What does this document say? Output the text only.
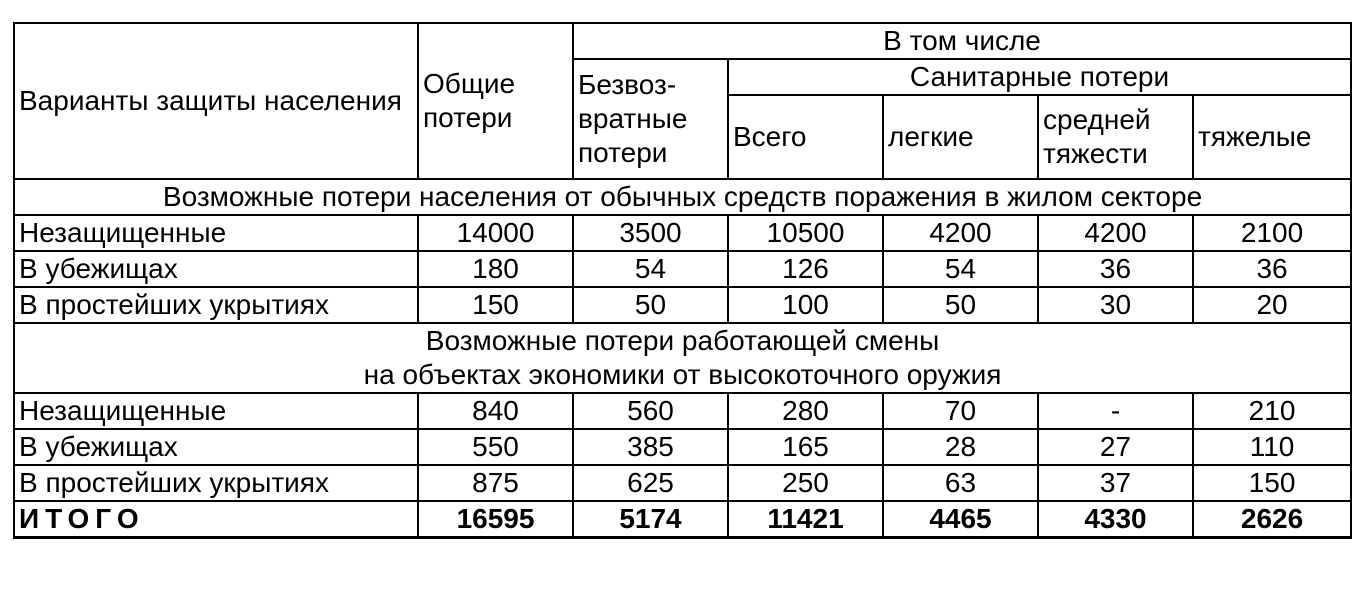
Варианты защиты населения	Общие потери	В том числе				
		Безвоз-вратные потери	Санитарные потери			
			Всего	легкие	средней тяжести	тяжелые
Возможные потери населения от обычных средств поражения в жилом секторе						
Незащищенные	14000	3500	10500	4200	4200	2100
В убежищах	180	54	126	54	36	36
В простейших укрытиях	150	50	100	50	30	20

Возможные потери работающей смены
на объектах экономики от высокоточного оружия						

Незащищенные	840	560	280	70	-	210
В убежищах	550	385	165	28	27	110
В простейших укрытиях	875	625	250	63	37	150
ИТОГО	16595	5174	11421	4465	4330	2626
